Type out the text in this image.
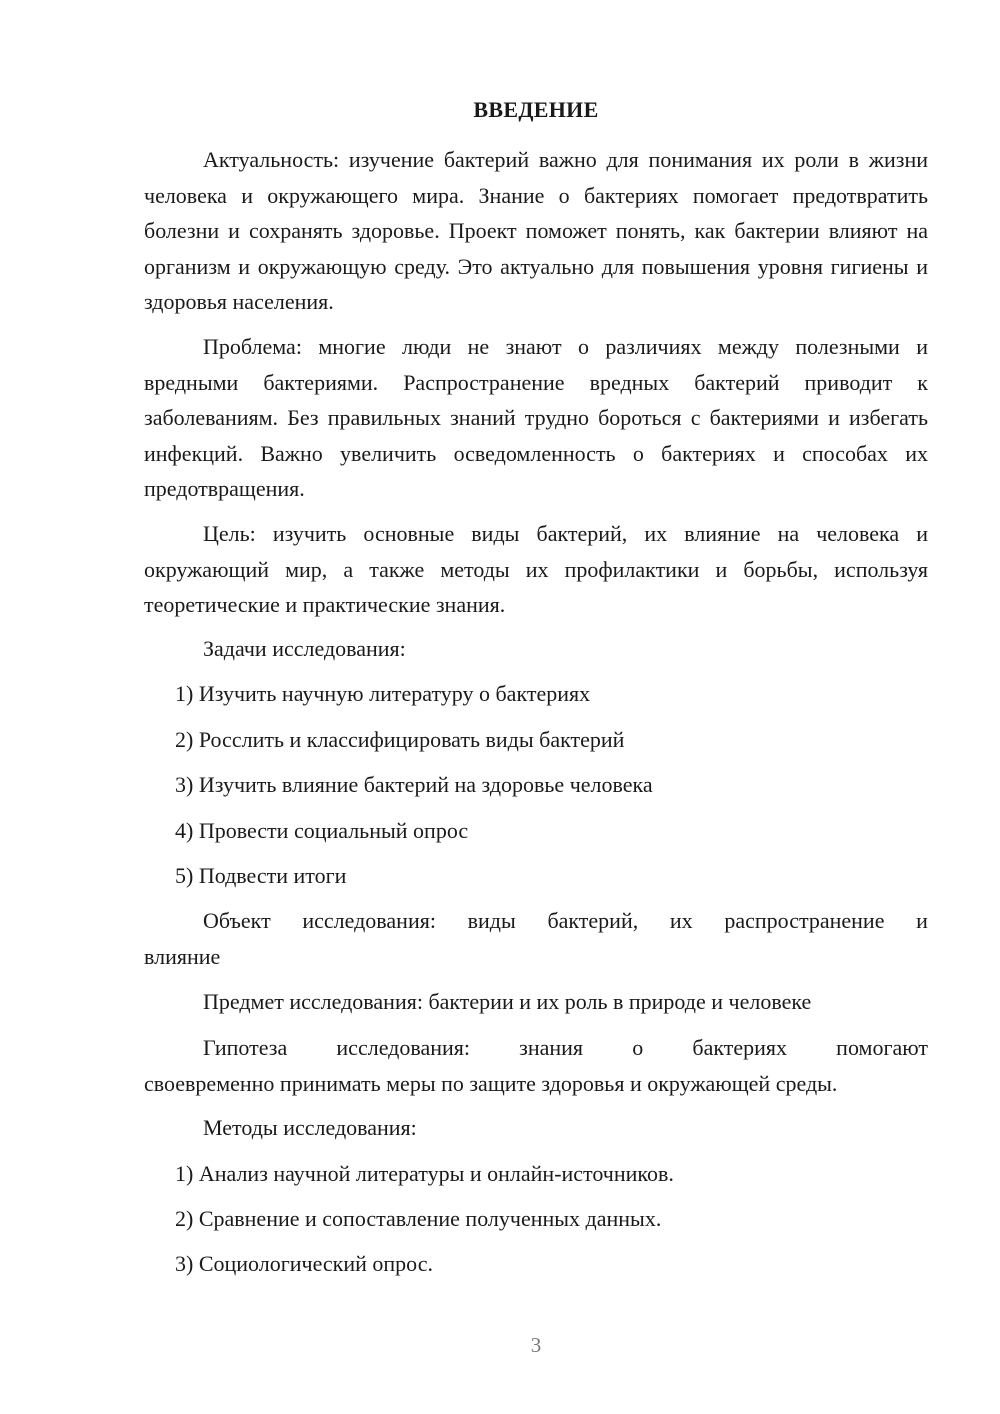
ВВЕДЕНИЕ
Актуальность: изучение бактерий важно для понимания их роли в жизни человека и окружающего мира. Знание о бактериях помогает предотвратить болезни и сохранять здоровье. Проект поможет понять, как бактерии влияют на организм и окружающую среду. Это актуально для повышения уровня гигиены и здоровья населения.
Проблема: многие люди не знают о различиях между полезными и вредными бактериями. Распространение вредных бактерий приводит к заболеваниям. Без правильных знаний трудно бороться с бактериями и избегать инфекций. Важно увеличить осведомленность о бактериях и способах их предотвращения.
Цель: изучить основные виды бактерий, их влияние на человека и окружающий мир, а также методы их профилактики и борьбы, используя теоретические и практические знания.
Задачи исследования:
1) Изучить научную литературу о бактериях
2) Росслить и классифицировать виды бактерий
3) Изучить влияние бактерий на здоровье человека
4) Провести социальный опрос
5) Подвести итоги
Объект исследования: виды бактерий, их распространение и
влияние
Предмет исследования: бактерии и их роль в природе и человеке
Гипотеза исследования: знания о бактериях помогают
своевременно принимать меры по защите здоровья и окружающей среды.
Методы исследования:
1) Анализ научной литературы и онлайн-источников.
2) Сравнение и сопоставление полученных данных.
3) Социологический опрос.
3
